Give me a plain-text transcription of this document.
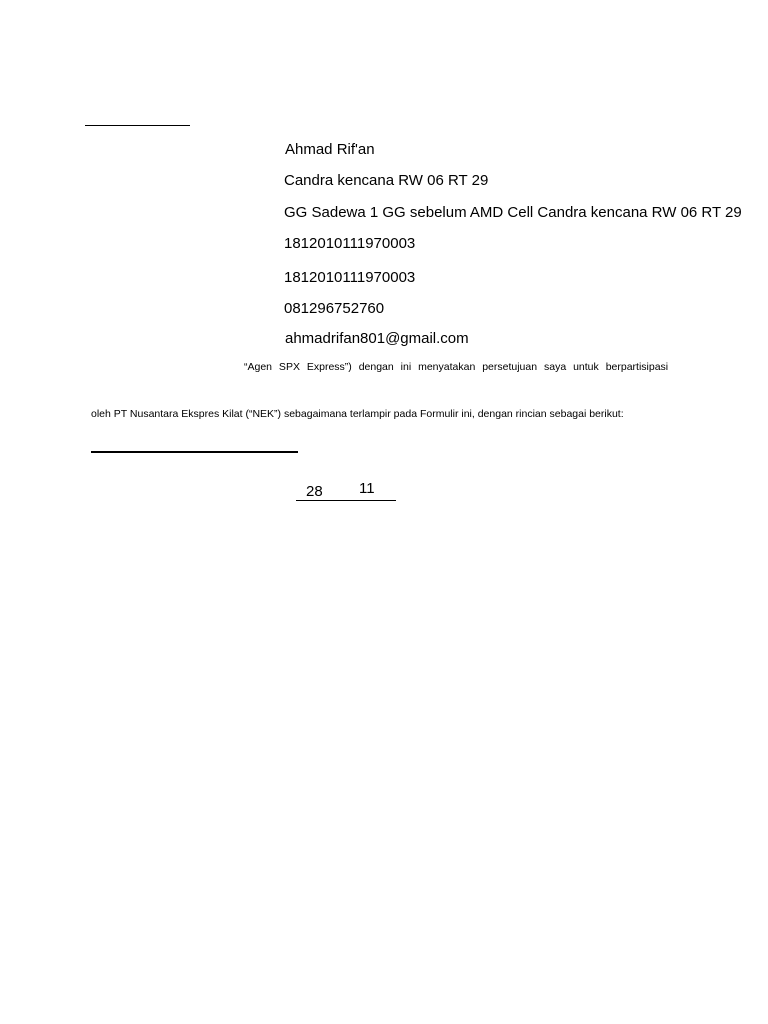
Ahmad Rif'an
Candra kencana RW 06 RT 29
GG Sadewa 1 GG sebelum AMD Cell Candra kencana RW 06 RT 29
1812010111970003
1812010111970003
081296752760
ahmadrifan801@gmail.com
“Agen SPX Express”) dengan ini menyatakan persetujuan saya untuk berpartisipasi
oleh PT Nusantara Ekspres Kilat (“NEK”) sebagaimana terlampir pada Formulir ini, dengan rincian sebagai berikut:
28 11
